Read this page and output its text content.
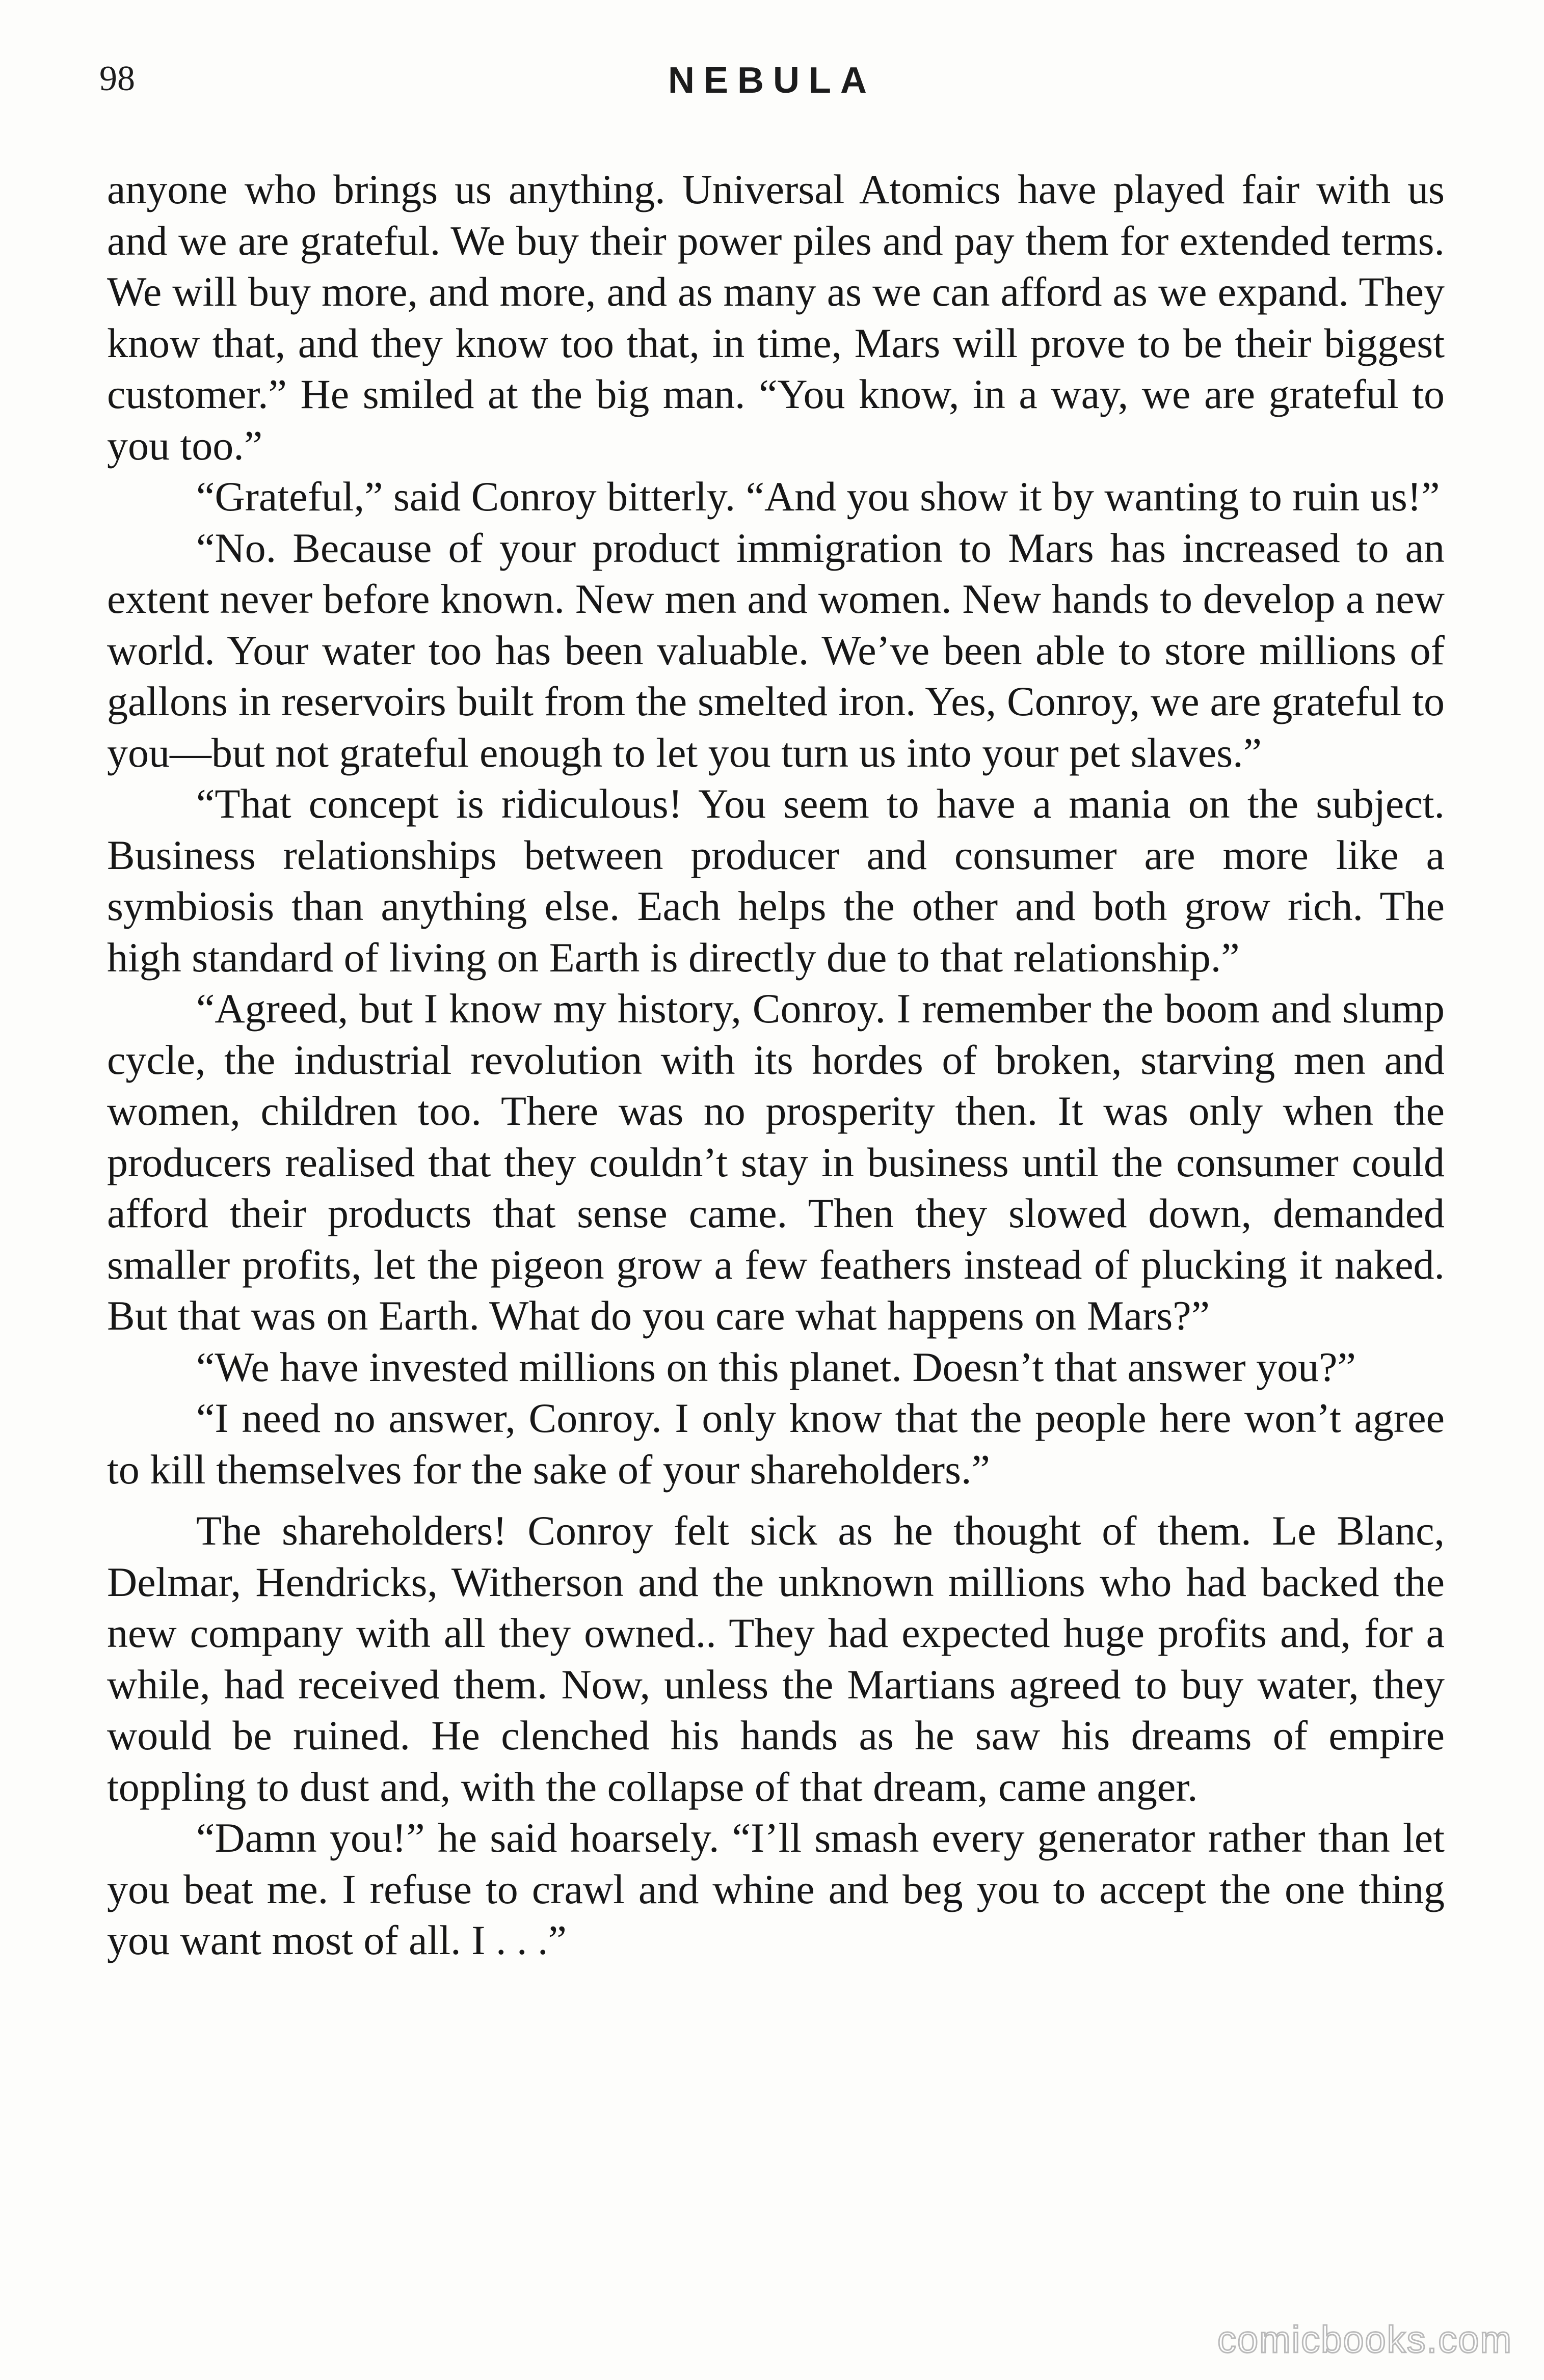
98	NEBULA

anyone who brings us anything. Universal Atomics have played fair with us and we are grateful. We buy their power piles and pay them for extended terms. We will buy more, and more, and as many as we can afford as we expand. They know that, and they know too that, in time, Mars will prove to be their biggest customer.” He smiled at the big man. “You know, in a way, we are grateful to you too.”

“Grateful,” said Conroy bitterly. “And you show it by wanting to ruin us!”

“No. Because of your product immigration to Mars has increased to an extent never before known. New men and women. New hands to develop a new world. Your water too has been valuable. We’ve been able to store millions of gallons in reservoirs built from the smelted iron. Yes, Conroy, we are grateful to you—but not grateful enough to let you turn us into your pet slaves.”

“That concept is ridiculous! You seem to have a mania on the subject. Business relationships between producer and consumer are more like a symbiosis than anything else. Each helps the other and both grow rich. The high standard of living on Earth is directly due to that relationship.”

“Agreed, but I know my history, Conroy. I remember the boom and slump cycle, the industrial revolution with its hordes of broken, starving men and women, children too. There was no prosperity then. It was only when the producers realised that they couldn’t stay in business until the consumer could afford their products that sense came. Then they slowed down, demanded smaller profits, let the pigeon grow a few feathers instead of plucking it naked. But that was on Earth. What do you care what happens on Mars?”

“We have invested millions on this planet. Doesn’t that answer you?”

“I need no answer, Conroy. I only know that the people here won’t agree to kill themselves for the sake of your shareholders.”

The shareholders! Conroy felt sick as he thought of them. Le Blanc, Delmar, Hendricks, Witherson and the unknown millions who had backed the new company with all they owned.. They had expected huge profits and, for a while, had received them. Now, unless the Martians agreed to buy water, they would be ruined. He clenched his hands as he saw his dreams of empire toppling to dust and, with the collapse of that dream, came anger.

“Damn you!” he said hoarsely. “I’ll smash every generator rather than let you beat me. I refuse to crawl and whine and beg you to accept the one thing you want most of all. I . . .”

comicbooks.com
